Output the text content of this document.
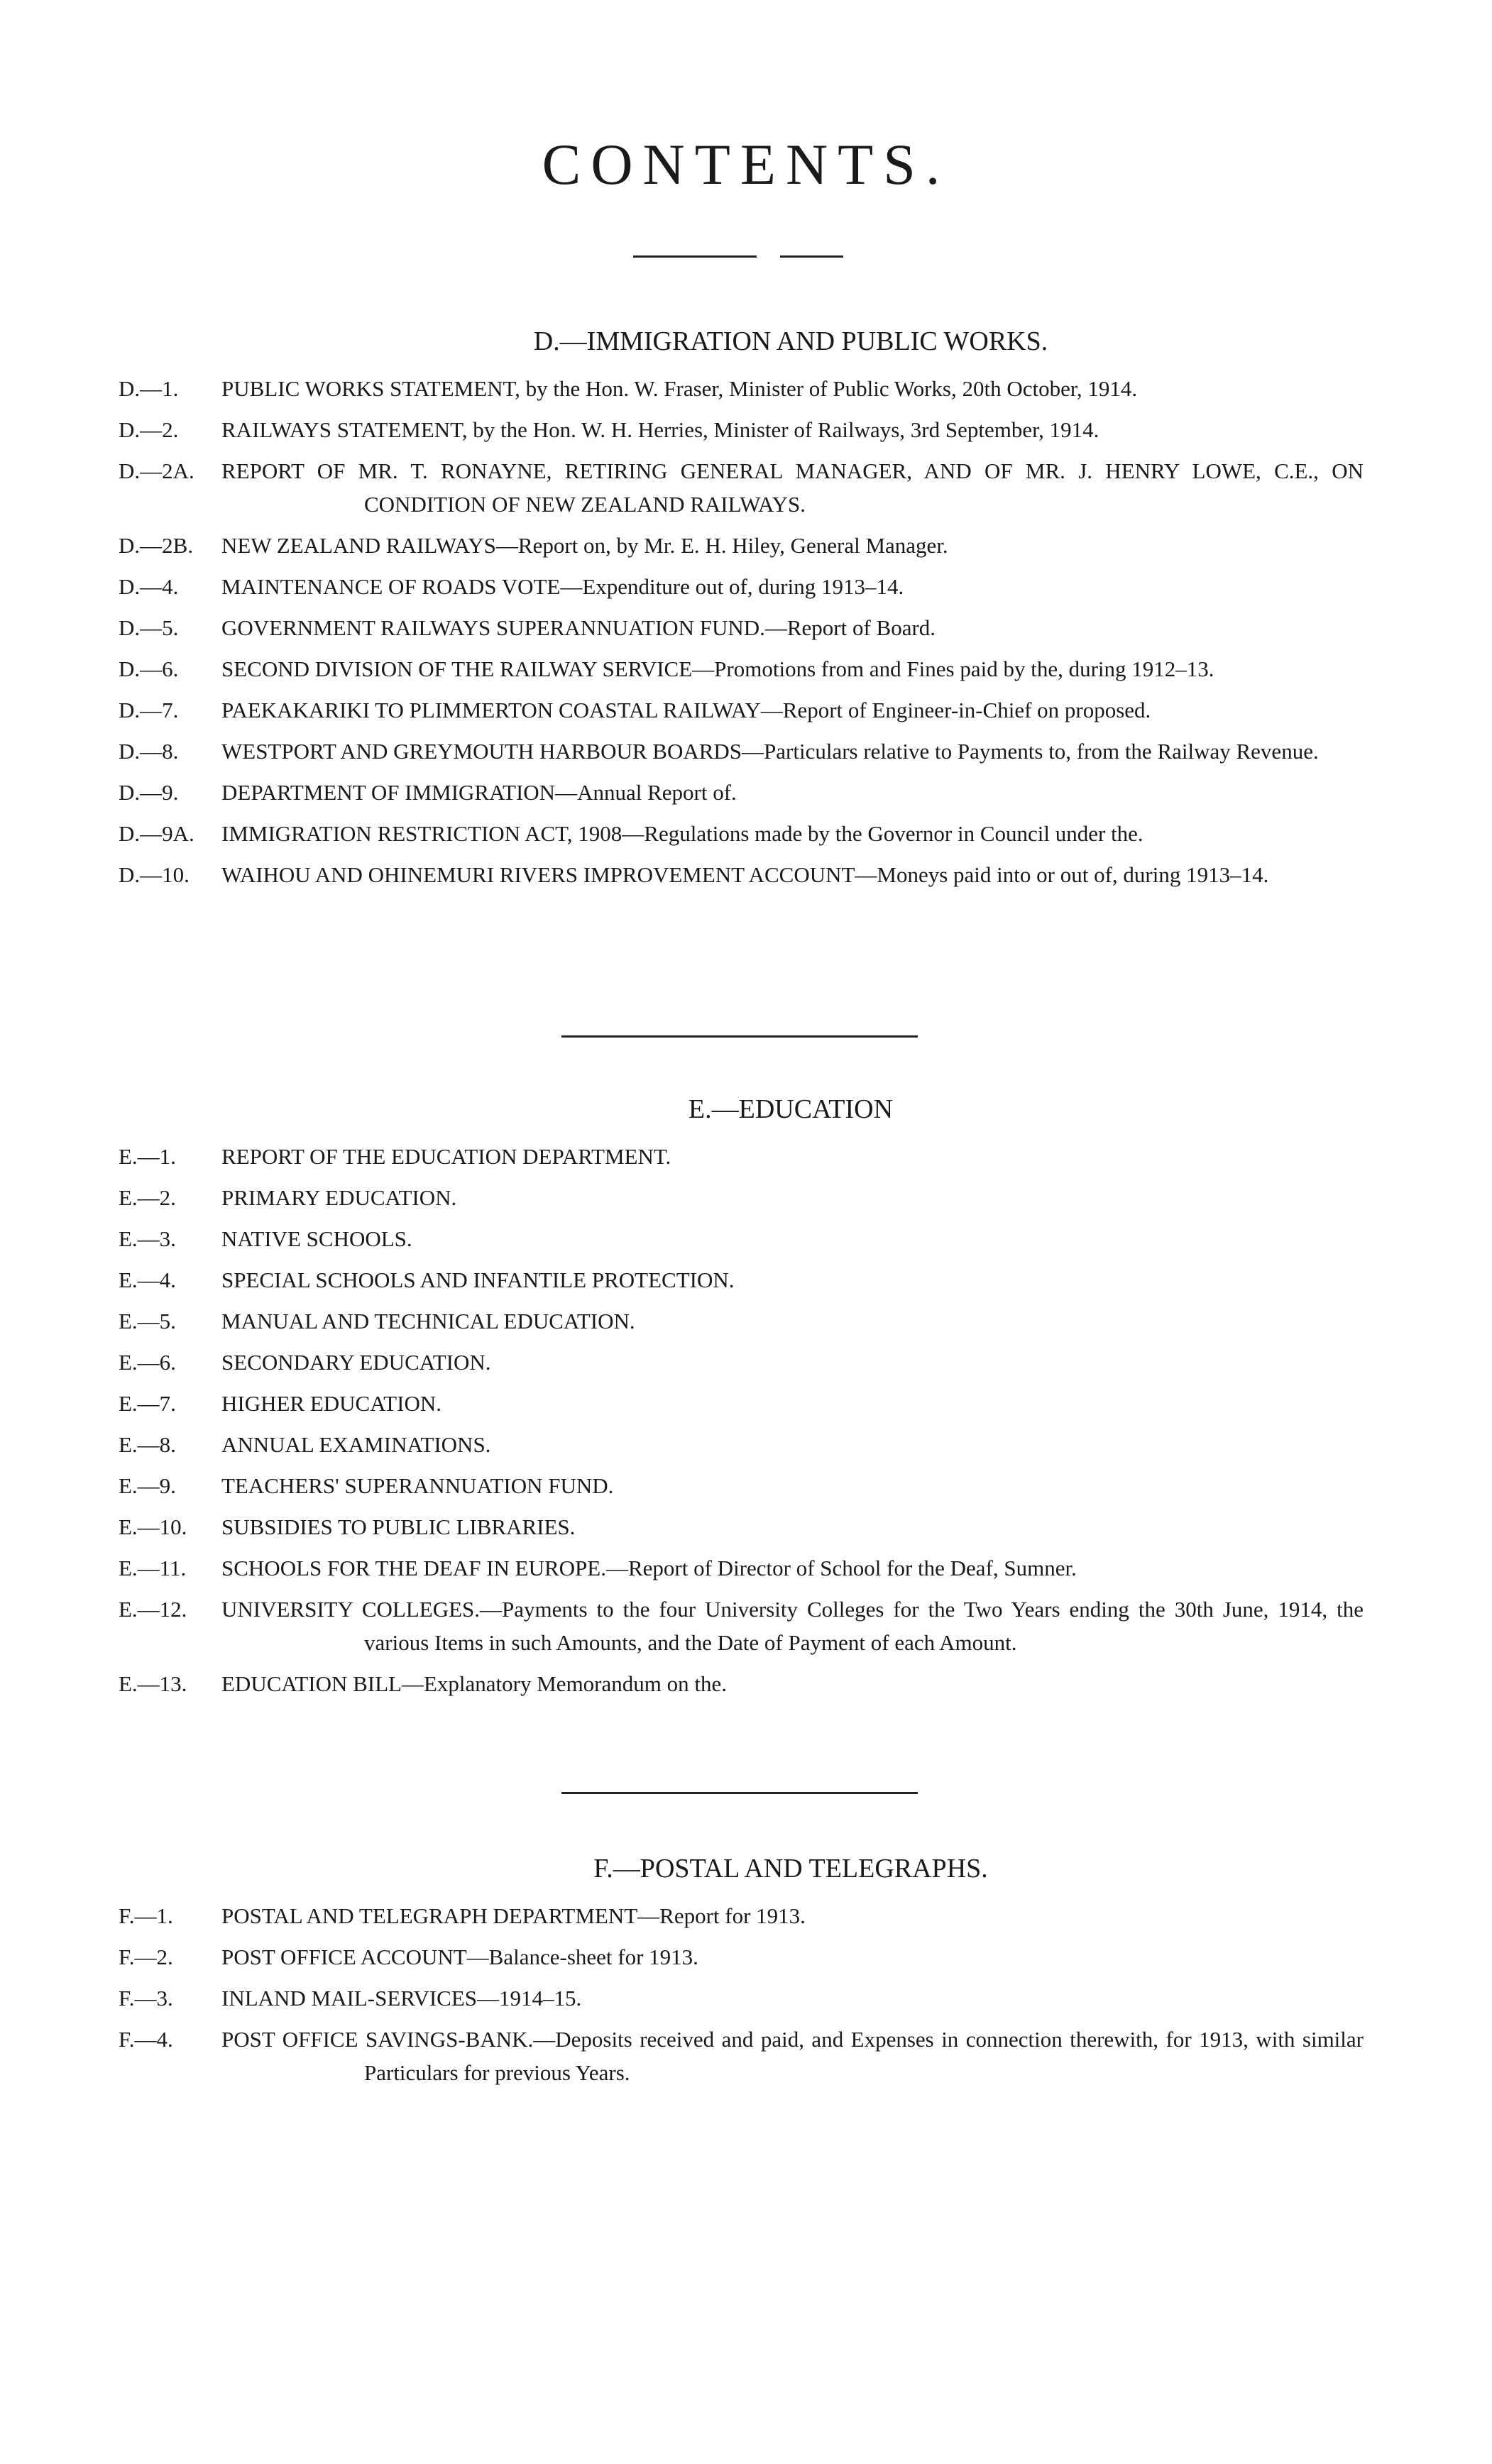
CONTENTS.
D.—IMMIGRATION AND PUBLIC WORKS.
D.—1.	PUBLIC WORKS STATEMENT, by the Hon. W. Fraser, Minister of Public Works, 20th October, 1914.
D.—2.	RAILWAYS STATEMENT, by the Hon. W. H. Herries, Minister of Railways, 3rd September, 1914.
D.—2A.	REPORT OF MR. T. RONAYNE, RETIRING GENERAL MANAGER, AND OF MR. J. HENRY LOWE, C.E., ON CONDITION OF NEW ZEALAND RAILWAYS.
D.—2B.	NEW ZEALAND RAILWAYS—Report on, by Mr. E. H. Hiley, General Manager.
D.—4.	MAINTENANCE OF ROADS VOTE—Expenditure out of, during 1913–14.
D.—5.	GOVERNMENT RAILWAYS SUPERANNUATION FUND.—Report of Board.
D.—6.	SECOND DIVISION OF THE RAILWAY SERVICE—Promotions from and Fines paid by the, during 1912–13.
D.—7.	PAEKAKARIKI TO PLIMMERTON COASTAL RAILWAY—Report of Engineer-in-Chief on proposed.
D.—8.	WESTPORT AND GREYMOUTH HARBOUR BOARDS—Particulars relative to Payments to, from the Railway Revenue.
D.—9.	DEPARTMENT OF IMMIGRATION—Annual Report of.
D.—9A.	IMMIGRATION RESTRICTION ACT, 1908—Regulations made by the Governor in Council under the.
D.—10.	WAIHOU AND OHINEMURI RIVERS IMPROVEMENT ACCOUNT—Moneys paid into or out of, during 1913–14.
E.—EDUCATION
E.—1.	REPORT OF THE EDUCATION DEPARTMENT.
E.—2.	PRIMARY EDUCATION.
E.—3.	NATIVE SCHOOLS.
E.—4.	SPECIAL SCHOOLS AND INFANTILE PROTECTION.
E.—5.	MANUAL AND TECHNICAL EDUCATION.
E.—6.	SECONDARY EDUCATION.
E.—7.	HIGHER EDUCATION.
E.—8.	ANNUAL EXAMINATIONS.
E.—9.	TEACHERS' SUPERANNUATION FUND.
E.—10.	SUBSIDIES TO PUBLIC LIBRARIES.
E.—11.	SCHOOLS FOR THE DEAF IN EUROPE.—Report of Director of School for the Deaf, Sumner.
E.—12.	UNIVERSITY COLLEGES.—Payments to the four University Colleges for the Two Years ending the 30th June, 1914, the various Items in such Amounts, and the Date of Payment of each Amount.
E.—13.	EDUCATION BILL—Explanatory Memorandum on the.
F.—POSTAL AND TELEGRAPHS.
F.—1.	POSTAL AND TELEGRAPH DEPARTMENT—Report for 1913.
F.—2.	POST OFFICE ACCOUNT—Balance-sheet for 1913.
F.—3.	INLAND MAIL-SERVICES—1914–15.
F.—4.	POST OFFICE SAVINGS-BANK.—Deposits received and paid, and Expenses in connection therewith, for 1913, with similar Particulars for previous Years.
